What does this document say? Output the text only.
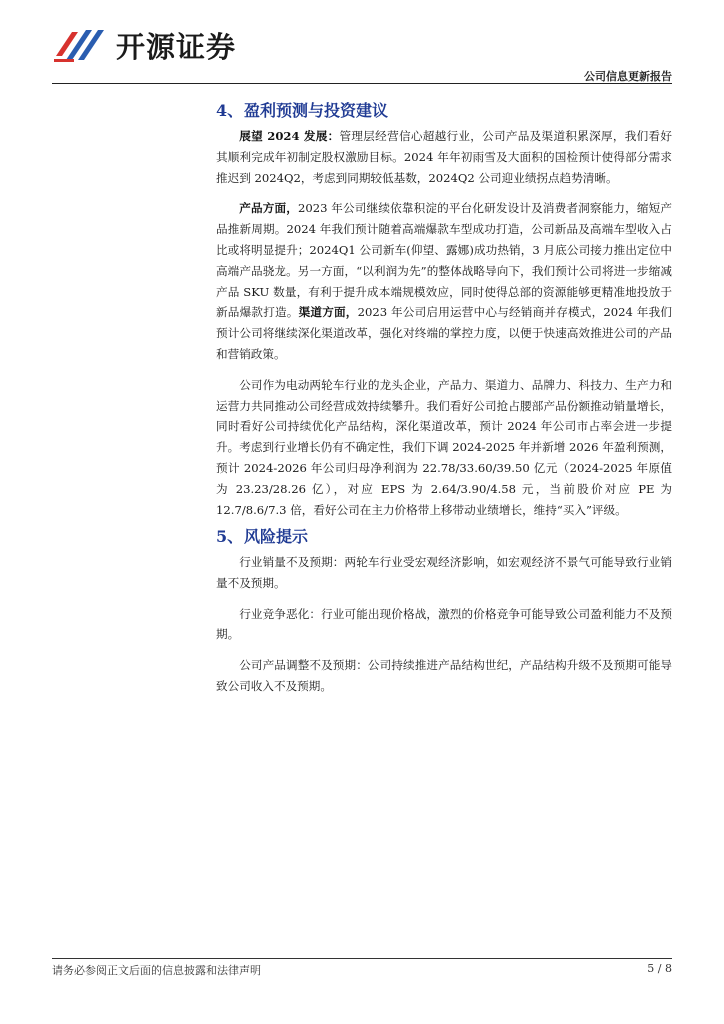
开源证券
公司信息更新报告
4、盈利预测与投资建议

展望 2024 发展：管理层经营信心超越行业，公司产品及渠道积累深厚，我们看好其顺利完成年初制定股权激励目标。2024 年年初雨雪及大面积的国检预计使得部分需求推迟到 2024Q2，考虑到同期较低基数，2024Q2 公司迎业绩拐点趋势清晰。

产品方面，2023 年公司继续依靠积淀的平台化研发设计及消费者洞察能力，缩短产品推新周期。2024 年我们预计随着高端爆款车型成功打造，公司新品及高端车型收入占比或将明显提升；2024Q1 公司新车(仰望、露娜)成功热销，3 月底公司接力推出定位中高端产品骁龙。另一方面，“以利润为先”的整体战略导向下，我们预计公司将进一步缩减产品 SKU 数量，有利于提升成本端规模效应，同时使得总部的资源能够更精准地投放于新品爆款打造。渠道方面，2023 年公司启用运营中心与经销商并存模式，2024 年我们预计公司将继续深化渠道改革，强化对终端的掌控力度，以便于快速高效推进公司的产品和营销政策。

公司作为电动两轮车行业的龙头企业，产品力、渠道力、品牌力、科技力、生产力和运营力共同推动公司经营成效持续攀升。我们看好公司抢占腰部产品份额推动销量增长，同时看好公司持续优化产品结构，深化渠道改革，预计 2024 年公司市占率会进一步提升。考虑到行业增长仍有不确定性，我们下调 2024-2025 年并新增 2026 年盈利预测，预计 2024-2026 年公司归母净利润为 22.78/33.60/39.50 亿元（2024-2025 年原值为 23.23/28.26 亿），对应 EPS 为 2.64/3.90/4.58 元，当前股价对应 PE 为 12.7/8.6/7.3 倍，看好公司在主力价格带上移带动业绩增长，维持“买入”评级。

5、风险提示

行业销量不及预期：两轮车行业受宏观经济影响，如宏观经济不景气可能导致行业销量不及预期。

行业竞争恶化：行业可能出现价格战，激烈的价格竞争可能导致公司盈利能力不及预期。

公司产品调整不及预期：公司持续推进产品结构世纪，产品结构升级不及预期可能导致公司收入不及预期。

请务必参阅正文后面的信息披露和法律声明	5 / 8
